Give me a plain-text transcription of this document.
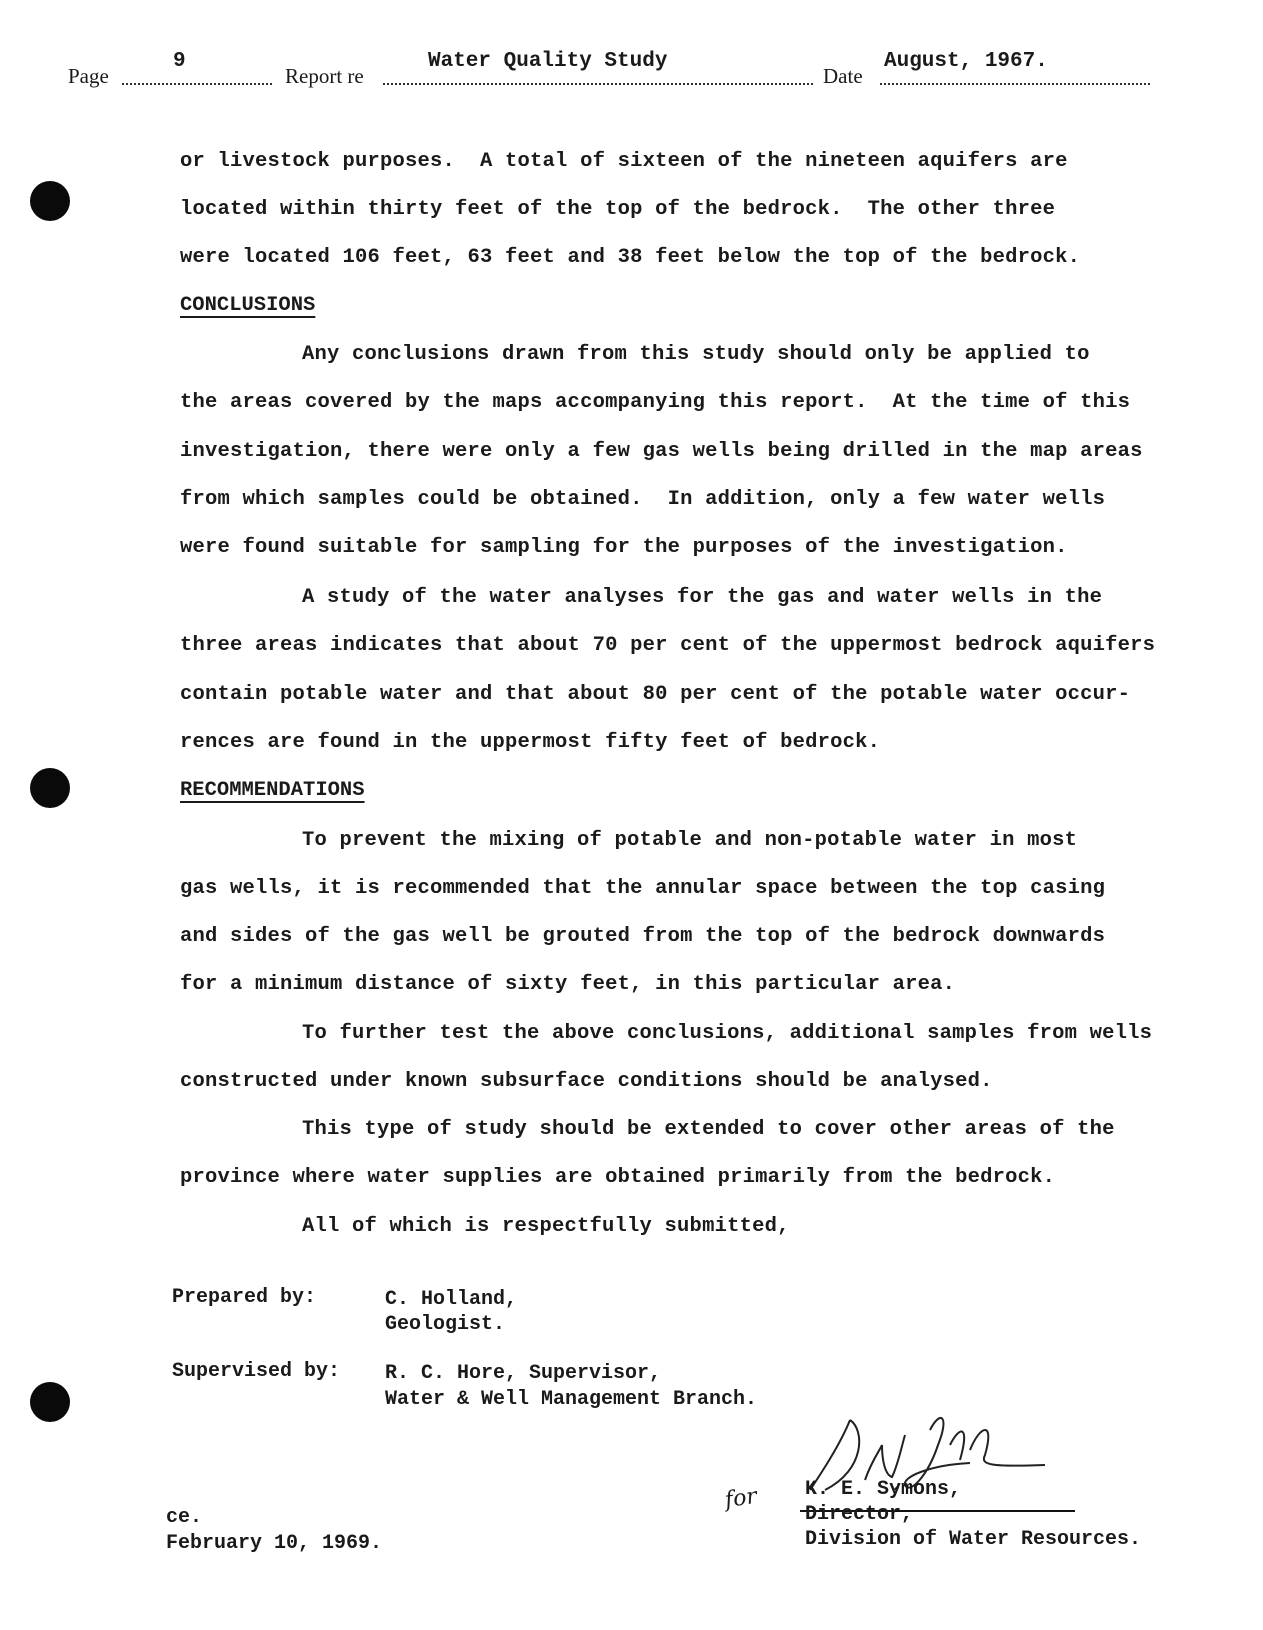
Page
9
Report re
Water Quality Study
Date
August, 1967.
or livestock purposes.  A total of sixteen of the nineteen aquifers are
located within thirty feet of the top of the bedrock.  The other three
were located 106 feet, 63 feet and 38 feet below the top of the bedrock.
CONCLUSIONS
Any conclusions drawn from this study should only be applied to
the areas covered by the maps accompanying this report.  At the time of this
investigation, there were only a few gas wells being drilled in the map areas
from which samples could be obtained.  In addition, only a few water wells
were found suitable for sampling for the purposes of the investigation.
A study of the water analyses for the gas and water wells in the
three areas indicates that about 70 per cent of the uppermost bedrock aquifers
contain potable water and that about 80 per cent of the potable water occur-
rences are found in the uppermost fifty feet of bedrock.
RECOMMENDATIONS
To prevent the mixing of potable and non-potable water in most
gas wells, it is recommended that the annular space between the top casing
and sides of the gas well be grouted from the top of the bedrock downwards
for a minimum distance of sixty feet, in this particular area.
To further test the above conclusions, additional samples from wells
constructed under known subsurface conditions should be analysed.
This type of study should be extended to cover other areas of the
province where water supplies are obtained primarily from the bedrock.
All of which is respectfully submitted,
Prepared by:	C. Holland,
Geologist.
Supervised by: R. C. Hore, Supervisor,
Water & Well Management Branch.
for K. E. Symons,
Director,
Division of Water Resources.
ce.
February 10, 1969.
